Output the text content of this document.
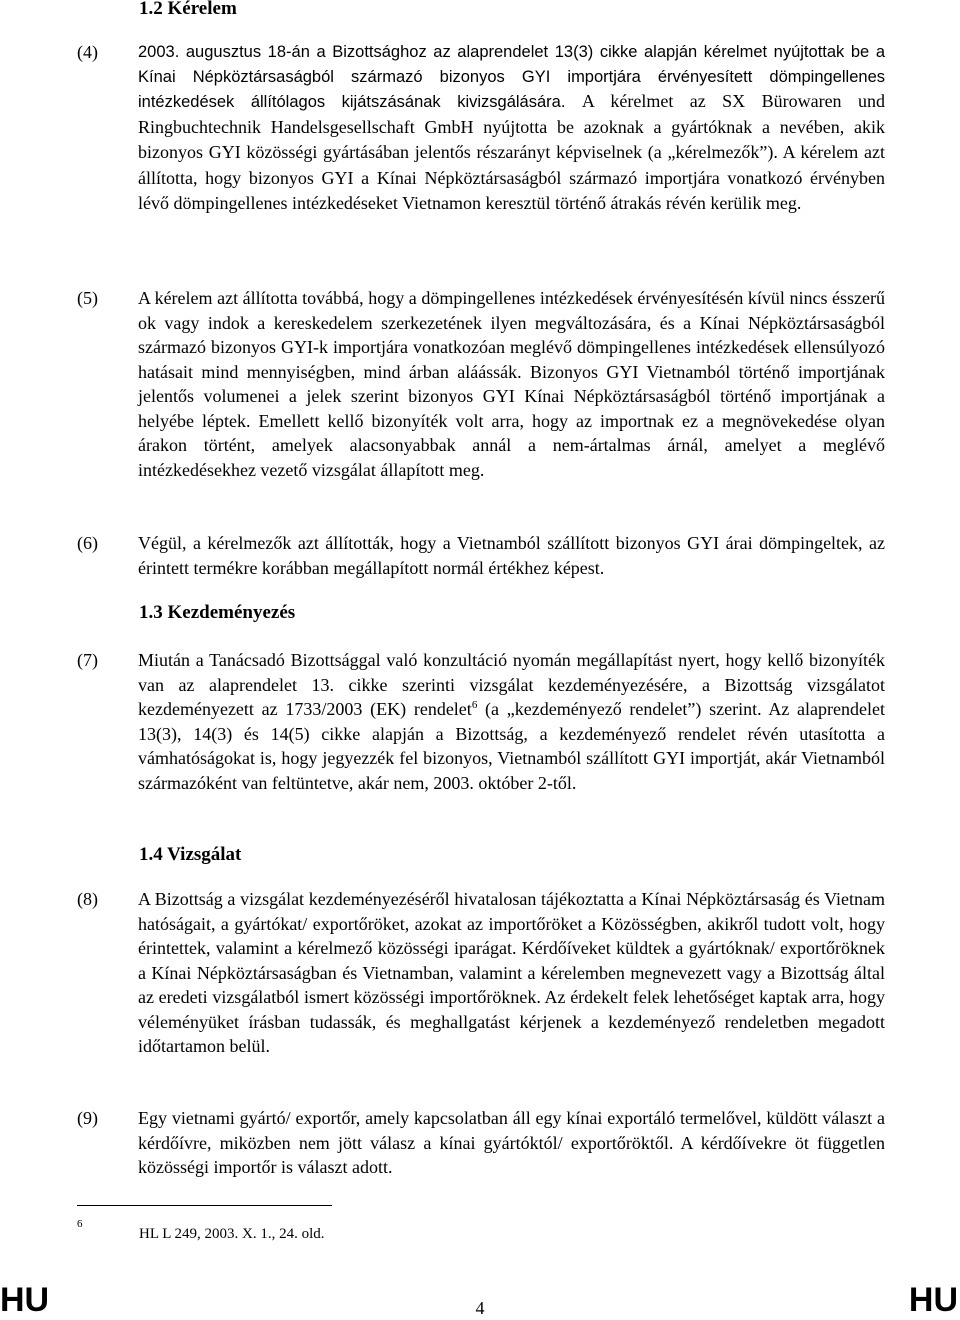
1.2 Kérelem
(4) 2003. augusztus 18-án a Bizottsághoz az alaprendelet 13(3) cikke alapján kérelmet nyújtottak be a Kínai Népköztársaságból származó bizonyos GYI importjára érvényesített dömpingellenes intézkedések állítólagos kijátszásának kivizsgálására. A kérelmet az SX Bürowaren und Ringbuchtechnik Handelsgesellschaft GmbH nyújtotta be azoknak a gyártóknak a nevében, akik bizonyos GYI közösségi gyártásában jelentős részarányt képviselnek (a „kérelmezők”). A kérelem azt állította, hogy bizonyos GYI a Kínai Népköztársaságból származó importjára vonatkozó érvényben lévő dömpingellenes intézkedéseket Vietnamon keresztül történő átrakás révén kerülik meg.
(5) A kérelem azt állította továbbá, hogy a dömpingellenes intézkedések érvényesítésén kívül nincs ésszerű ok vagy indok a kereskedelem szerkezetének ilyen megváltozására, és a Kínai Népköztársaságból származó bizonyos GYI-k importjára vonatkozóan meglévő dömpingellenes intézkedések ellensúlyozó hatásait mind mennyiségben, mind árban aláássák. Bizonyos GYI Vietnamból történő importjának jelentős volumenei a jelek szerint bizonyos GYI Kínai Népköztársaságból történő importjának a helyébe léptek. Emellett kellő bizonyíték volt arra, hogy az importnak ez a megnövekedése olyan árakon történt, amelyek alacsonyabbak annál a nem-ártalmas árnál, amelyet a meglévő intézkedésekhez vezető vizsgálat állapított meg.
(6) Végül, a kérelmezők azt állították, hogy a Vietnamból szállított bizonyos GYI árai dömpingeltek, az érintett termékre korábban megállapított normál értékhez képest.
1.3 Kezdeményezés
(7) Miután a Tanácsadó Bizottsággal való konzultáció nyomán megállapítást nyert, hogy kellő bizonyíték van az alaprendelet 13. cikke szerinti vizsgálat kezdeményezésére, a Bizottság vizsgálatot kezdeményezett az 1733/2003 (EK) rendelet$^6$ (a „kezdeményező rendelet”) szerint. Az alaprendelet 13(3), 14(3) és 14(5) cikke alapján a Bizottság, a kezdeményező rendelet révén utasította a vámhatóságokat is, hogy jegyezzék fel bizonyos, Vietnamból szállított GYI importját, akár Vietnamból származóként van feltüntetve, akár nem, 2003. október 2-től.
1.4 Vizsgálat
(8) A Bizottság a vizsgálat kezdeményezéséről hivatalosan tájékoztatta a Kínai Népköztársaság és Vietnam hatóságait, a gyártókat/ exportőröket, azokat az importőröket a Közösségben, akikről tudott volt, hogy érintettek, valamint a kérelmező közösségi iparágat. Kérdőíveket küldtek a gyártóknak/ exportőröknek a Kínai Népköztársaságban és Vietnamban, valamint a kérelemben megnevezett vagy a Bizottság által az eredeti vizsgálatból ismert közösségi importőröknek. Az érdekelt felek lehetőséget kaptak arra, hogy véleményüket írásban tudassák, és meghallgatást kérjenek a kezdeményező rendeletben megadott időtartamon belül.
(9) Egy vietnami gyártó/ exportőr, amely kapcsolatban áll egy kínai exportáló termelővel, küldött választ a kérdőívre, miközben nem jött válasz a kínai gyártóktól/ exportőröktől. A kérdőívekre öt független közösségi importőr is választ adott.
6
HL L 249, 2003. X. 1., 24. old.
HU	4	HU
